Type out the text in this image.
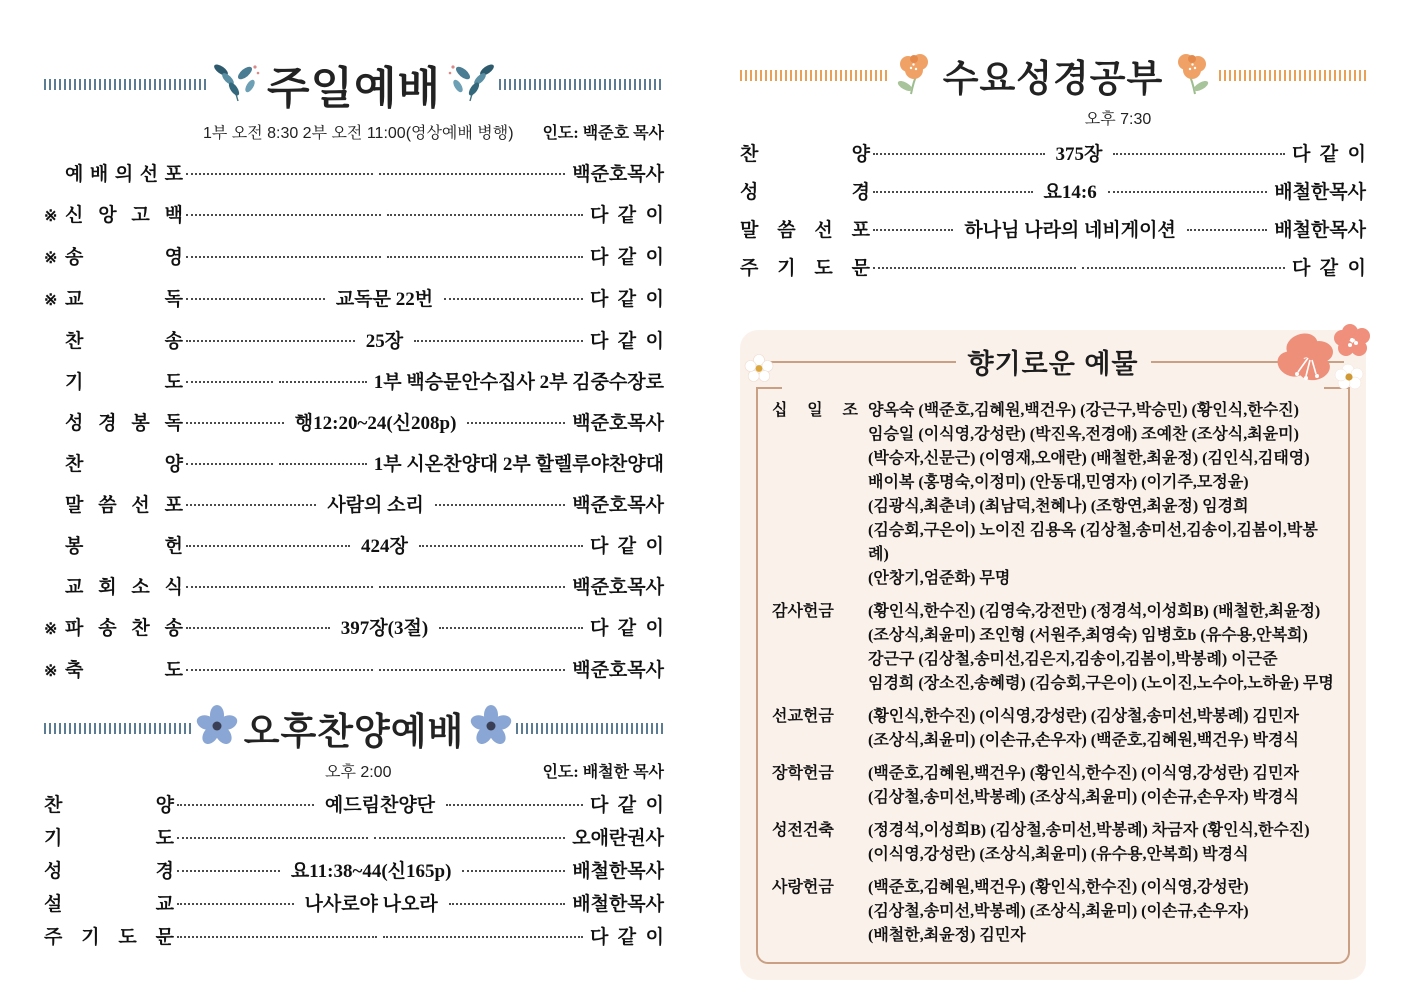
주일예배
1부 오전 8:30 2부 오전 11:00(영상예배 병행)	인도: 백준호 목사
예 배 의 선 포	백준호목사
※ 신 앙 고 백	다  같  이
※ 송 영	다  같  이
※ 교 독	교독문 22번	다  같  이
찬 송	25장	다  같  이
기 도	1부 백승문안수집사 2부 김중수장로
성 경 봉 독	행12:20~24(신208p)	백준호목사
찬 양	1부 시온찬양대 2부 할렐루야찬양대
말 씀 선 포	사람의 소리	백준호목사
봉 헌	424장	다  같  이
교 회 소 식	백준호목사
※ 파 송 찬 송	397장(3절)	다  같  이
※ 축 도	백준호목사
오후찬양예배
오후 2:00	인도: 배철한 목사
찬 양	예드림찬양단	다  같  이
기 도	오애란권사
성 경	요11:38~44(신165p)	배철한목사
설 교	나사로야 나오라	배철한목사
주 기 도 문	다  같  이
수요성경공부
오후 7:30
찬 양	375장	다  같  이
성 경	요14:6	배철한목사
말 씀 선 포	하나님 나라의 네비게이션	배철한목사
주 기 도 문	다  같  이
향기로운 예물
십 일 조 양옥숙 (백준호,김혜원,백건우) (강근구,박승민) (황인식,한수진)
임승일 (이식영,강성란) (박진옥,전경애) 조예찬 (조상식,최윤미)
(박승자,신문근) (이영재,오애란) (배철한,최윤정) (김인식,김태영)
배이복 (홍명숙,이정미) (안동대,민영자) (이기주,모정윤)
(김광식,최춘녀) (최남덕,천혜나) (조항연,최윤정) 임경희
(김승회,구은이) 노이진 김용옥 (김상철,송미선,김송이,김봄이,박봉례)
(안창기,엄준화) 무명
감사헌금	(황인식,한수진) (김영숙,강전만) (정경석,이성희B) (배철한,최윤정)
(조상식,최윤미) 조인형 (서원주,최영숙) 임병호b (유수용,안복희)
강근구 (김상철,송미선,김은지,김송이,김봄이,박봉례) 이근준
임경희 (장소진,송혜령) (김승회,구은이) (노이진,노수아,노하윤) 무명
선교헌금	(황인식,한수진) (이식영,강성란) (김상철,송미선,박봉례) 김민자
(조상식,최윤미) (이손규,손우자) (백준호,김혜원,백건우) 박경식
장학헌금	(백준호,김혜원,백건우) (황인식,한수진) (이식영,강성란) 김민자
(김상철,송미선,박봉례) (조상식,최윤미) (이손규,손우자) 박경식
성전건축	(정경석,이성희B) (김상철,송미선,박봉례) 차금자 (황인식,한수진)
(이식영,강성란) (조상식,최윤미) (유수용,안복희) 박경식
사랑헌금	(백준호,김혜원,백건우) (황인식,한수진) (이식영,강성란)
(김상철,송미선,박봉례) (조상식,최윤미) (이손규,손우자)
(배철한,최윤정) 김민자
